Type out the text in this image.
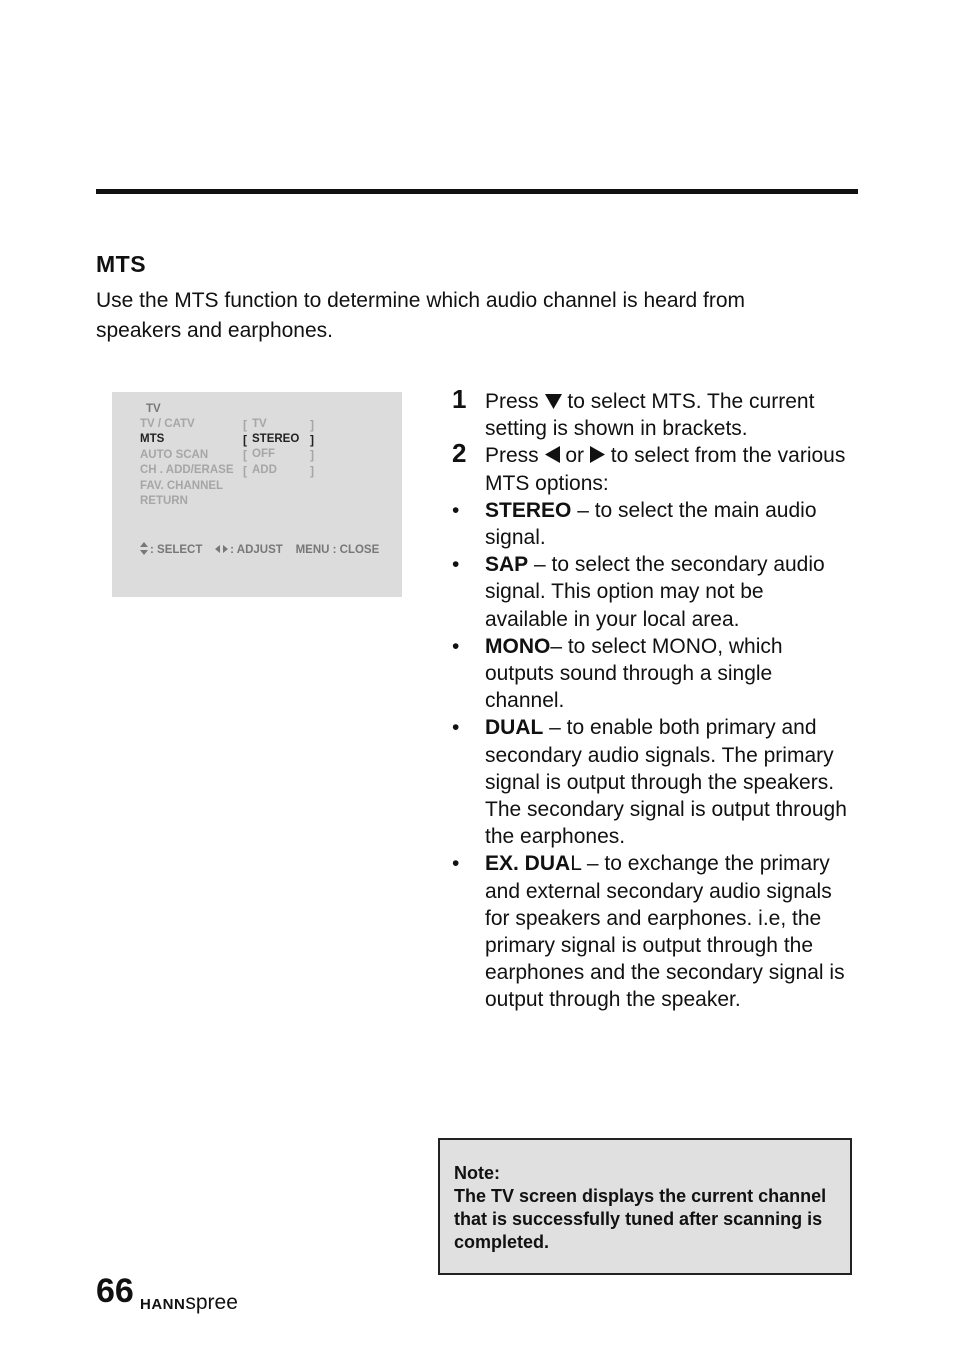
MTS

Use the MTS function to determine which audio channel is heard from speakers and earphones.

TV
TV / CATV	[ TV	]
MTS	[ STEREO ]
AUTO SCAN	[ OFF	]
CH . ADD/ERASE [ ADD	]
FAV. CHANNEL
RETURN
: SELECT : ADJUST MENU : CLOSE
1 Press to select MTS. The current setting is shown in brackets.
2 Press or to select from the various MTS options:
• STEREO – to select the main audio signal.
• SAP – to select the secondary audio signal. This option may not be available in your local area.
• MONO– to select MONO, which outputs sound through a single channel.
• DUAL – to enable both primary and secondary audio signals. The primary signal is output through the speakers. The secondary signal is output through the earphones.
• EX. DUAL – to exchange the primary and external secondary audio signals for speakers and earphones. i.e, the primary signal is output through the earphones and the secondary signal is output through the speaker.
Note:
The TV screen displays the current channel that is successfully tuned after scanning is completed.
66 HANNspree
